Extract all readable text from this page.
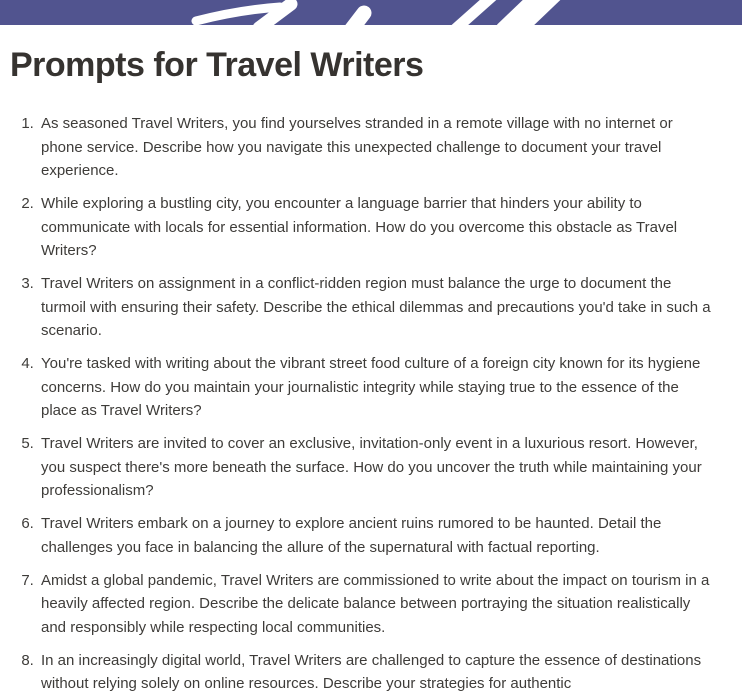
Prompts for Travel Writers
1. As seasoned Travel Writers, you find yourselves stranded in a remote village with no internet or phone service. Describe how you navigate this unexpected challenge to document your travel experience.
2. While exploring a bustling city, you encounter a language barrier that hinders your ability to communicate with locals for essential information. How do you overcome this obstacle as Travel Writers?
3. Travel Writers on assignment in a conflict-ridden region must balance the urge to document the turmoil with ensuring their safety. Describe the ethical dilemmas and precautions you'd take in such a scenario.
4. You're tasked with writing about the vibrant street food culture of a foreign city known for its hygiene concerns. How do you maintain your journalistic integrity while staying true to the essence of the place as Travel Writers?
5. Travel Writers are invited to cover an exclusive, invitation-only event in a luxurious resort. However, you suspect there's more beneath the surface. How do you uncover the truth while maintaining your professionalism?
6. Travel Writers embark on a journey to explore ancient ruins rumored to be haunted. Detail the challenges you face in balancing the allure of the supernatural with factual reporting.
7. Amidst a global pandemic, Travel Writers are commissioned to write about the impact on tourism in a heavily affected region. Describe the delicate balance between portraying the situation realistically and responsibly while respecting local communities.
8. In an increasingly digital world, Travel Writers are challenged to capture the essence of destinations without relying solely on online resources. Describe your strategies for authentic
